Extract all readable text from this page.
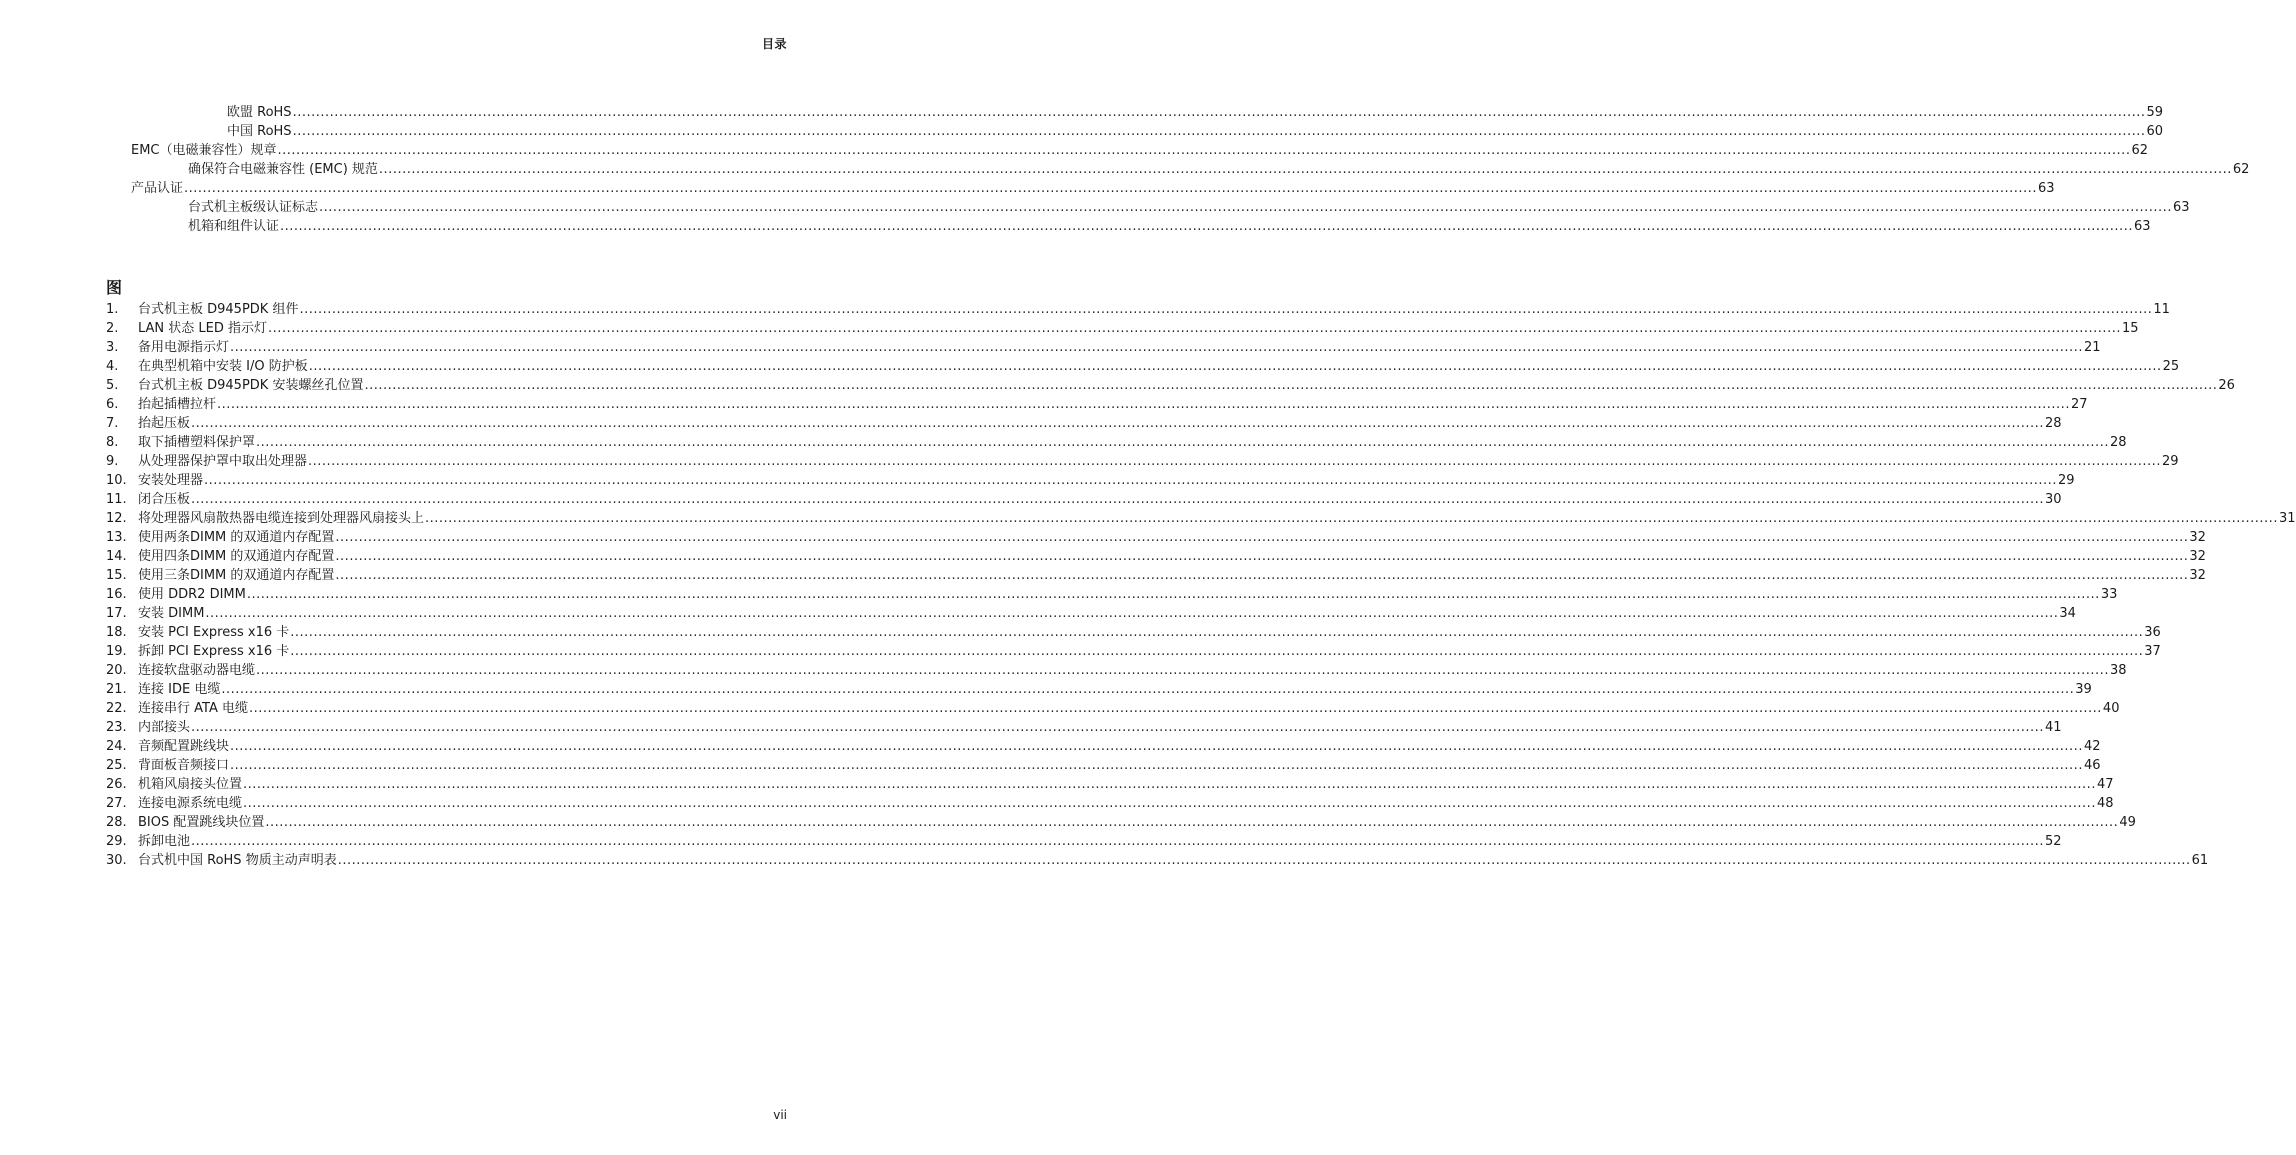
目录
欧盟 RoHS ................................................................................................................................................................................................................................................................................................................................................................................................................ 59
中国 RoHS ................................................................................................................................................................................................................................................................................................................................................................................................................ 60
EMC（电磁兼容性）规章 ................................................................................................................................................................................................................................................................................................................................................................................................................ 62
确保符合电磁兼容性 (EMC) 规范 ................................................................................................................................................................................................................................................................................................................................................................................................................ 62
产品认证 ................................................................................................................................................................................................................................................................................................................................................................................................................ 63
台式机主板级认证标志 ................................................................................................................................................................................................................................................................................................................................................................................................................ 63
机箱和组件认证 ................................................................................................................................................................................................................................................................................................................................................................................................................ 63
图
1.	台式机主板 D945PDK 组件 ................................................................................................................................................................................................................................................................................................................................................................................................................ 11
2.	LAN 状态 LED 指示灯 ................................................................................................................................................................................................................................................................................................................................................................................................................ 15
3.	备用电源指示灯 ................................................................................................................................................................................................................................................................................................................................................................................................................ 21
4.	在典型机箱中安装 I/O 防护板 ................................................................................................................................................................................................................................................................................................................................................................................................................ 25
5.	台式机主板 D945PDK 安装螺丝孔位置 ................................................................................................................................................................................................................................................................................................................................................................................................................ 26
6.	抬起插槽拉杆 ................................................................................................................................................................................................................................................................................................................................................................................................................ 27
7.	抬起压板 ................................................................................................................................................................................................................................................................................................................................................................................................................ 28
8.	取下插槽塑料保护罩 ................................................................................................................................................................................................................................................................................................................................................................................................................ 28
9.	从处理器保护罩中取出处理器 ................................................................................................................................................................................................................................................................................................................................................................................................................ 29
10. 安装处理器 ................................................................................................................................................................................................................................................................................................................................................................................................................ 29
11. 闭合压板 ................................................................................................................................................................................................................................................................................................................................................................................................................ 30
12. 将处理器风扇散热器电缆连接到处理器风扇接头上 ................................................................................................................................................................................................................................................................................................................................................................................................................ 31
13. 使用两条DIMM 的双通道内存配置 ................................................................................................................................................................................................................................................................................................................................................................................................................ 32
14. 使用四条DIMM 的双通道内存配置 ................................................................................................................................................................................................................................................................................................................................................................................................................ 32
15. 使用三条DIMM 的双通道内存配置 ................................................................................................................................................................................................................................................................................................................................................................................................................ 32
16. 使用 DDR2 DIMM ................................................................................................................................................................................................................................................................................................................................................................................................................ 33
17. 安装 DIMM ................................................................................................................................................................................................................................................................................................................................................................................................................ 34
18. 安装 PCI Express x16 卡 ................................................................................................................................................................................................................................................................................................................................................................................................................ 36
19. 拆卸 PCI Express x16 卡 ................................................................................................................................................................................................................................................................................................................................................................................................................ 37
20. 连接软盘驱动器电缆 ................................................................................................................................................................................................................................................................................................................................................................................................................ 38
21. 连接 IDE 电缆 ................................................................................................................................................................................................................................................................................................................................................................................................................ 39
22. 连接串行 ATA 电缆 ................................................................................................................................................................................................................................................................................................................................................................................................................ 40
23. 内部接头 ................................................................................................................................................................................................................................................................................................................................................................................................................ 41
24. 音频配置跳线块 ................................................................................................................................................................................................................................................................................................................................................................................................................ 42
25. 背面板音频接口 ................................................................................................................................................................................................................................................................................................................................................................................................................ 46
26. 机箱风扇接头位置 ................................................................................................................................................................................................................................................................................................................................................................................................................ 47
27. 连接电源系统电缆 ................................................................................................................................................................................................................................................................................................................................................................................................................ 48
28. BIOS 配置跳线块位置 ................................................................................................................................................................................................................................................................................................................................................................................................................ 49
29. 拆卸电池 ................................................................................................................................................................................................................................................................................................................................................................................................................ 52
30. 台式机中国 RoHS 物质主动声明表 ................................................................................................................................................................................................................................................................................................................................................................................................................ 61
vii
